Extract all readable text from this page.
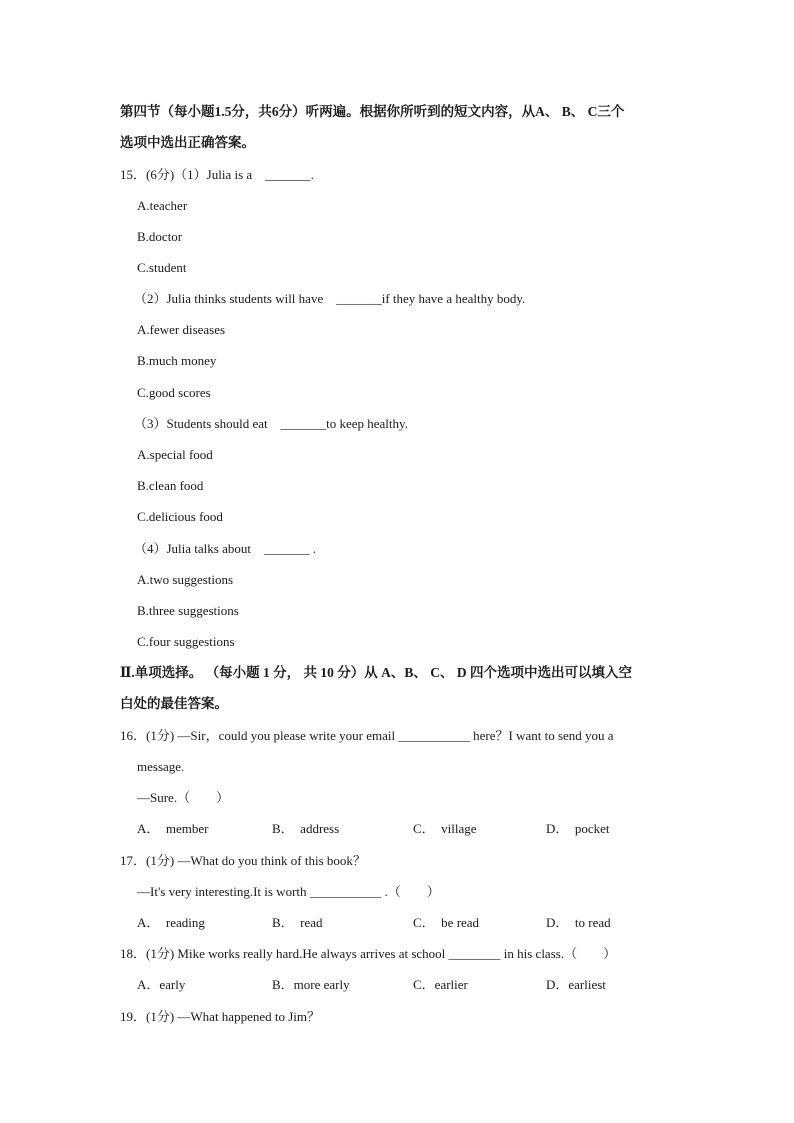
第四节（每小题1.5分，共6分）听两遍。根据你所听到的短文内容，从A、 B、 C三个
选项中选出正确答案。
15．(6分)（1）Julia is a　_______.
A.teacher
B.doctor
C.student
（2）Julia thinks students will have　_______if they have a healthy body.
A.fewer diseases
B.much money
C.good scores
（3）Students should eat　_______to keep healthy.
A.special food
B.clean food
C.delicious food
（4）Julia talks about　_______ .
A.two suggestions
B.three suggestions
C.four suggestions
Ⅱ.单项选择。 （每小题 1 分， 共 10 分）从 A、B、 C、 D 四个选项中选出可以填入空
白处的最佳答案。
16．(1分) —Sir，could you please write your email ___________ here？I want to send you a
message.
—Sure.（　　）
A．　member	B．　address	C．　village	D．　pocket
17．(1分) —What do you think of this book？
—It's very interesting.It is worth ___________ .（　　）
A．　reading	B．　read	C．　be read	D．　to read
18．(1分) Mike works really hard.He always arrives at school ________ in his class.（　　）
A．early	B．more early	C．earlier	D．earliest
19．(1分) —What happened to Jim？
